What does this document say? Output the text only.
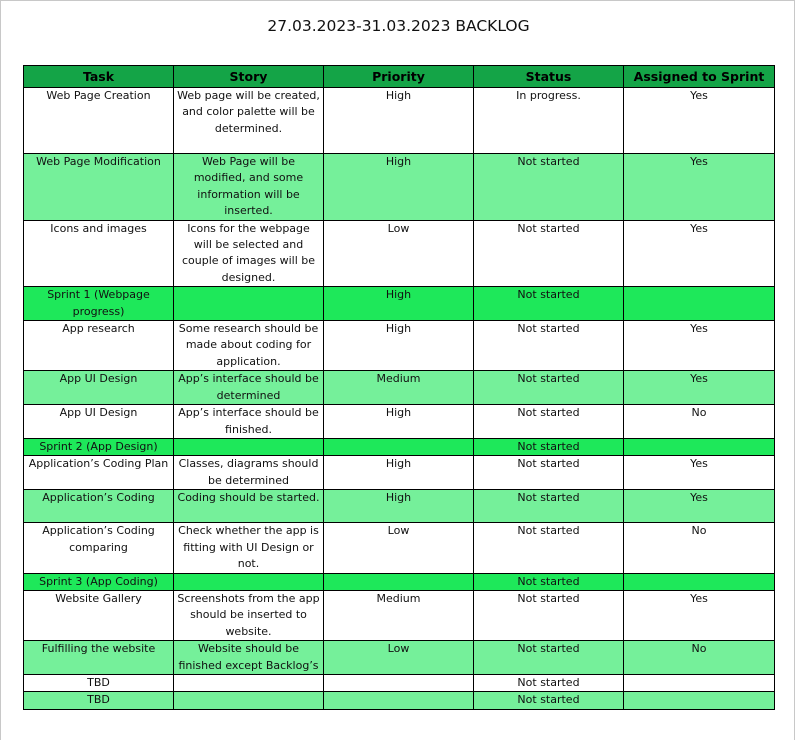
27.03.2023-31.03.2023 BACKLOG
Task	Story	Priority	Status	Assigned to Sprint
Web Page Creation	Web page will be created, and color palette will be determined.	High	In progress.	Yes
Web Page Modification	Web Page will be modified, and some information will be inserted.	High	Not started	Yes
Icons and images	Icons for the webpage will be selected and couple of images will be designed.	Low	Not started	Yes
Sprint 1 (Webpage progress)		High	Not started	
App research	Some research should be made about coding for application.	High	Not started	Yes
App UI Design	App’s interface should be determined	Medium	Not started	Yes
App UI Design	App’s interface should be finished.	High	Not started	No
Sprint 2 (App Design)			Not started	
Application’s Coding Plan	Classes, diagrams should be determined	High	Not started	Yes
Application’s Coding	Coding should be started.	High	Not started	Yes
Application’s Coding comparing	Check whether the app is fitting with UI Design or not.	Low	Not started	No
Sprint 3 (App Coding)			Not started	
Website Gallery	Screenshots from the app should be inserted to website.	Medium	Not started	Yes
Fulfilling the website	Website should be finished except Backlog’s	Low	Not started	No
TBD			Not started	
TBD			Not started	
